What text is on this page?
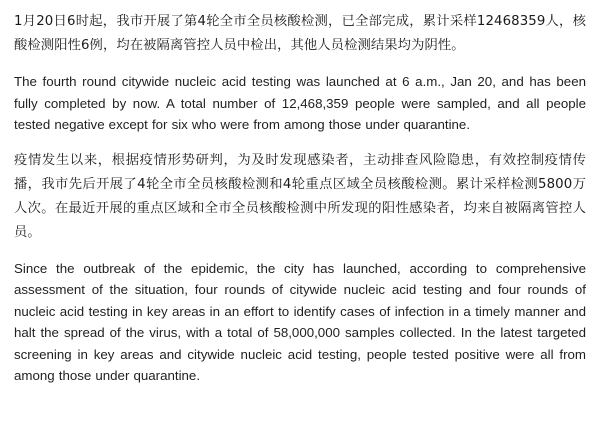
1月20日6时起，我市开展了第4轮全市全员核酸检测，已全部完成，累计采样12468359人，核酸检测阳性6例，均在被隔离管控人员中检出，其他人员检测结果均为阴性。

The fourth round citywide nucleic acid testing was launched at 6 a.m., Jan 20, and has been fully completed by now. A total number of 12,468,359 people were sampled, and all people tested negative except for six who were from among those under quarantine.

疫情发生以来，根据疫情形势研判，为及时发现感染者，主动排查风险隐患，有效控制疫情传播，我市先后开展了4轮全市全员核酸检测和4轮重点区域全员核酸检测。累计采样检测5800万人次。在最近开展的重点区域和全市全员核酸检测中所发现的阳性感染者，均来自被隔离管控人员。

Since the outbreak of the epidemic, the city has launched, according to comprehensive assessment of the situation, four rounds of citywide nucleic acid testing and four rounds of nucleic acid testing in key areas in an effort to identify cases of infection in a timely manner and halt the spread of the virus, with a total of 58,000,000 samples collected. In the latest targeted screening in key areas and citywide nucleic acid testing, people tested positive were all from among those under quarantine.
